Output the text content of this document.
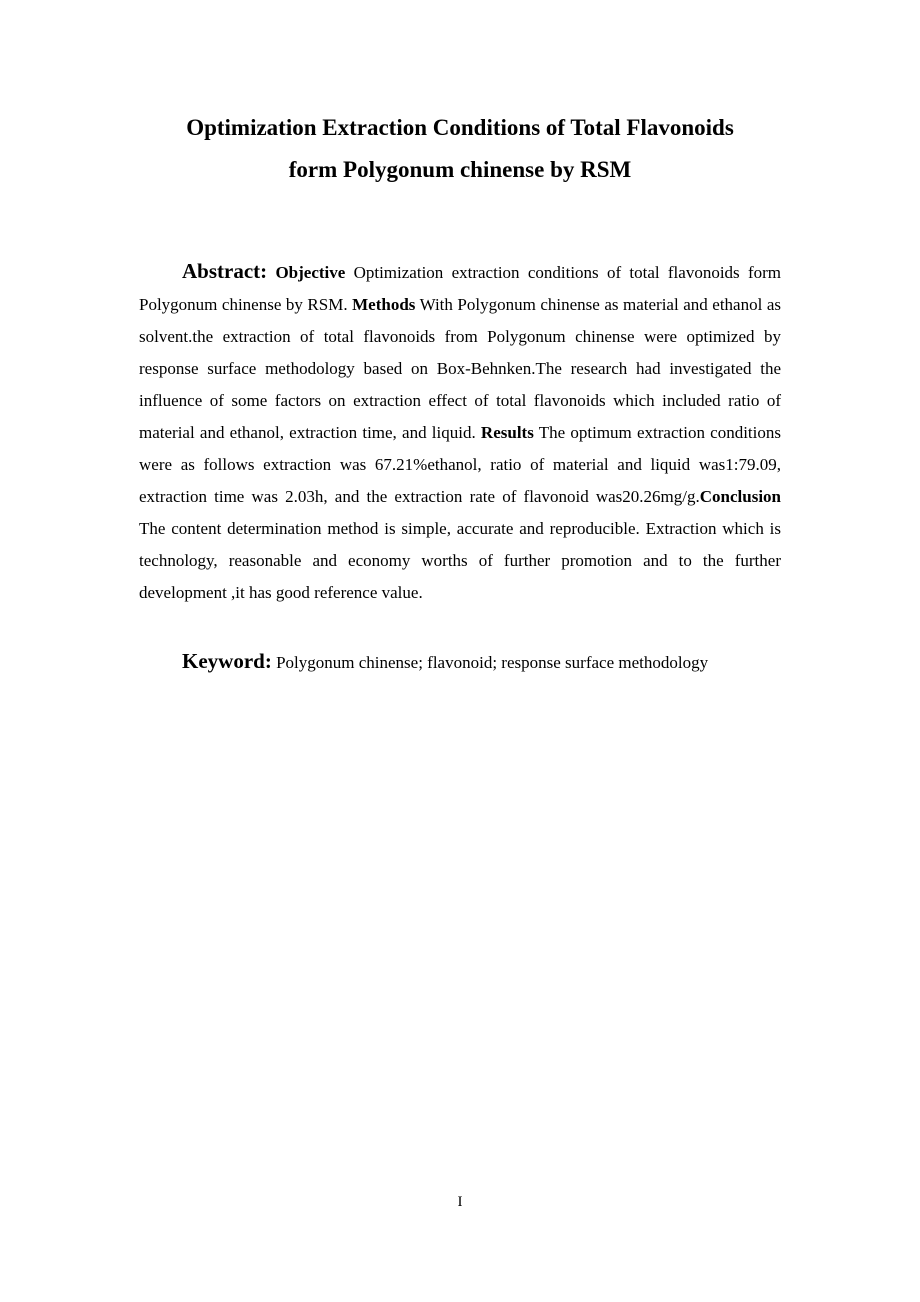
Optimization Extraction Conditions of Total Flavonoids
form Polygonum chinense by RSM
Abstract: Objective Optimization extraction conditions of total flavonoids form Polygonum chinense by RSM. Methods With Polygonum chinense as material and ethanol as solvent.the extraction of total flavonoids from Polygonum chinense were optimized by response surface methodology based on Box-Behnken.The research had investigated the influence of some factors on extraction effect of total flavonoids which included ratio of material and ethanol, extraction time, and liquid. Results The optimum extraction conditions were as follows extraction was 67.21%ethanol, ratio of material and liquid was1:79.09, extraction time was 2.03h, and the extraction rate of flavonoid was20.26mg/g.Conclusion The content determination method is simple, accurate and reproducible. Extraction which is technology, reasonable and economy worths of further promotion and to the further development ,it has good reference value.
Keyword: Polygonum chinense; flavonoid; response surface methodology
I
